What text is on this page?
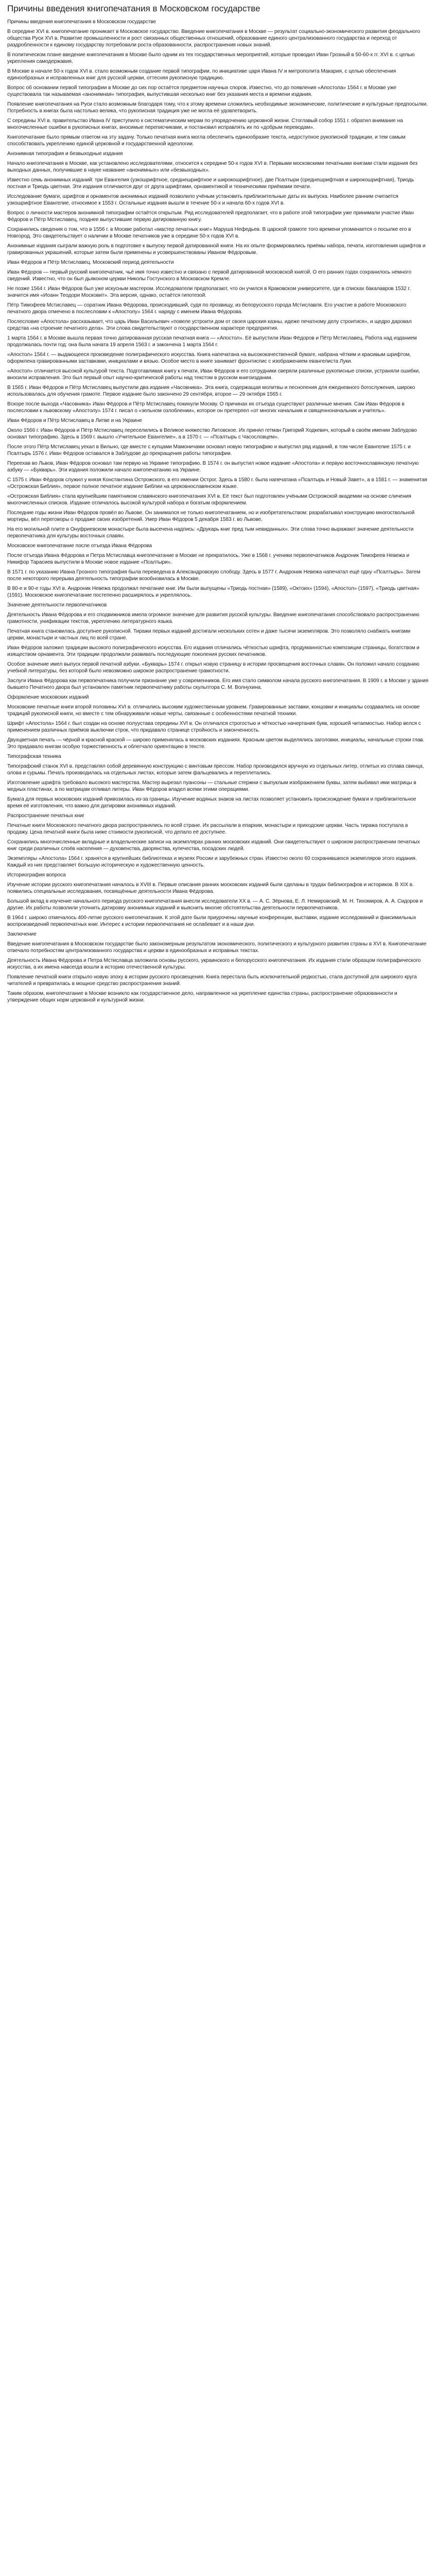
Причины введения книгопечатания в Московском государстве

Причины введения книгопечатания в Московском государстве

В середине XVI в. книгопечатание проникает в Московское государство. Введение книгопечатания в Москве — результат социально-экономического развития феодального общества Руси XVI в. Развитие промышленности и рост связанных общественных отношений, образование единого централизованного государства и переход от раздробленности к единому государству потребовали роста образованности, распространения новых знаний.

В политическом плане введение книгопечатания в Москве было одним из тех государственных мероприятий, которые проводил Иван Грозный в 50-60-х гг. XVI в. с целью укрепления самодержавия.

В Москве в начале 50-х годов XVI в. стало возможным создание первой типографии, по инициативе царя Ивана IV и митрополита Макария, с целью обеспечения единообразных и исправленных книг для русской церкви, оттесняя рукописную традицию.

Вопрос об основании первой типографии в Москве до сих пор остаётся предметом научных споров. Известно, что до появления «Апостола» 1564 г. в Москве уже существовала так называемая «анонимная» типография, выпустившая несколько книг без указания места и времени издания.

Появление книгопечатания на Руси стало возможным благодаря тому, что к этому времени сложились необходимые экономические, политические и культурные предпосылки. Потребность в книгах была настолько велика, что рукописная традиция уже не могла её удовлетворить.

С середины XVI в. правительство Ивана IV приступило к систематическим мерам по упорядочению церковной жизни. Стоглавый собор 1551 г. обратил внимание на многочисленные ошибки в рукописных книгах, вносимые переписчиками, и постановил исправлять их по «добрым переводам».

Книгопечатание было прямым ответом на эту задачу. Только печатная книга могла обеспечить единообразие текста, недоступное рукописной традиции, и тем самым способствовать укреплению единой церковной и государственной идеологии.

Анонимная типография и безвыходные издания

Начало книгопечатания в Москве, как установлено исследователями, относится к середине 50-х годов XVI в. Первыми московскими печатными книгами стали издания без выходных данных, получившие в науке название «анонимных» или «безвыходных».

Известно семь анонимных изданий: три Евангелия (узкошрифтное, среднешрифтное и широкошрифтное), две Псалтыри (среднешрифтная и широкошрифтная), Триодь постная и Триодь цветная. Эти издания отличаются друг от друга шрифтами, орнаментикой и техническими приёмами печати.

Исследование бумаги, шрифтов и орнаментов анонимных изданий позволило учёным установить приблизительные даты их выпуска. Наиболее ранним считается узкошрифтное Евангелие, относимое к 1553 г. Остальные издания вышли в течение 50-х и начала 60-х годов XVI в.

Вопрос о личности мастеров анонимной типографии остаётся открытым. Ряд исследователей предполагает, что в работе этой типографии уже принимали участие Иван Фёдоров и Пётр Мстиславец, позднее выпустившие первую датированную книгу.

Сохранились сведения о том, что в 1556 г. в Москве работал «мастер печатных книг» Маруша Нефедьев. В царской грамоте того времени упоминается о посылке его в Новгород. Это свидетельствует о наличии в Москве печатников уже в середине 50-х годов XVI в.

Анонимные издания сыграли важную роль в подготовке к выпуску первой датированной книги. На их опыте формировались приёмы набора, печати, изготовления шрифтов и гравированных украшений, которые затем были применены и усовершенствованы Иваном Фёдоровым.

Иван Фёдоров и Пётр Мстиславец. Московский период деятельности

Иван Фёдоров — первый русский книгопечатник, чьё имя точно известно и связано с первой датированной московской книгой. О его ранних годах сохранилось немного сведений. Известно, что он был дьяконом церкви Николы Гостунского в Московском Кремле.

Не позже 1564 г. Иван Фёдоров был уже искусным мастером. Исследователи предполагают, что он учился в Краковском университете, где в списках бакалавров 1532 г. значится имя «Иоанн Теодори Московит». Эта версия, однако, остаётся гипотезой.

Пётр Тимофеев Мстиславец — соратник Ивана Фёдорова, происходивший, судя по прозвищу, из белорусского города Мстиславля. Его участие в работе Московского печатного двора отмечено в послесловии к «Апостолу» 1564 г. наряду с именем Ивана Фёдорова.

Послесловие «Апостола» рассказывает, что царь Иван Васильевич «повеле устроити дом от своея царския казны, идеже печатному делу строитися», и щедро даровал средства «на строение печатного дела». Эти слова свидетельствуют о государственном характере предприятия.

1 марта 1564 г. в Москве вышла первая точно датированная русская печатная книга — «Апостол». Её выпустили Иван Фёдоров и Пётр Мстиславец. Работа над изданием продолжалась почти год: она была начата 19 апреля 1563 г. и закончена 1 марта 1564 г.

«Апостол» 1564 г. — выдающееся произведение полиграфического искусства. Книга напечатана на высококачественной бумаге, набрана чётким и красивым шрифтом, оформлена гравированными заставками, инициалами и вязью. Особое место в книге занимает фронтиспис с изображением евангелиста Луки.

«Апостол» отличается высокой культурой текста. Подготавливая книгу к печати, Иван Фёдоров и его сотрудники сверяли различные рукописные списки, устраняли ошибки, вносили исправления. Это был первый опыт научно-критической работы над текстом в русском книгоиздании.

В 1565 г. Иван Фёдоров и Пётр Мстиславец выпустили два издания «Часовника». Эта книга, содержащая молитвы и песнопения для ежедневного богослужения, широко использовалась для обучения грамоте. Первое издание было закончено 29 сентября, второе — 29 октября 1565 г.

Вскоре после выхода «Часовника» Иван Фёдоров и Пётр Мстиславец покинули Москву. О причинах их отъезда существуют различные мнения. Сам Иван Фёдоров в послесловии к львовскому «Апостолу» 1574 г. писал о «зельном озлоблении», которое он претерпел «от многих начальник и священноначальник и учитель».

Иван Фёдоров и Пётр Мстиславец в Литве и на Украине

Около 1566 г. Иван Фёдоров и Пётр Мстиславец переселились в Великое княжество Литовское. Их принял гетман Григорий Ходкевич, который в своём имении Заблудово основал типографию. Здесь в 1569 г. вышло «Учительное Евангелие», а в 1570 г. — «Псалтырь с Часословцем».

После этого Пётр Мстиславец уехал в Вильно, где вместе с купцами Мамоничами основал новую типографию и выпустил ряд изданий, в том числе Евангелие 1575 г. и Псалтырь 1576 г. Иван Фёдоров оставался в Заблудове до прекращения работы типографии.

Переехав во Львов, Иван Фёдоров основал там первую на Украине типографию. В 1574 г. он выпустил новое издание «Апостола» и первую восточнославянскую печатную азбуку — «Букварь». Эти издания положили начало книгопечатанию на Украине.

С 1575 г. Иван Фёдоров служил у князя Константина Острожского, в его имении Острог. Здесь в 1580 г. была напечатана «Псалтырь и Новый Завет», а в 1581 г. — знаменитая «Острожская Библия», первое полное печатное издание Библии на церковнославянском языке.

«Острожская Библия» стала крупнейшим памятником славянского книгопечатания XVI в. Её текст был подготовлен учёными Острожской академии на основе сличения многочисленных списков. Издание отличалось высокой культурой набора и богатым оформлением.

Последние годы жизни Иван Фёдоров провёл во Львове. Он занимался не только книгопечатанием, но и изобретательством: разрабатывал конструкцию многоствольной мортиры, вёл переговоры о продаже своих изобретений. Умер Иван Фёдоров 5 декабря 1583 г. во Львове.

На его могильной плите в Онуфриевском монастыре была высечена надпись: «Друкарь книг пред тым невиданных». Эти слова точно выражают значение деятельности первопечатника для культуры восточных славян.

Московское книгопечатание после отъезда Ивана Фёдорова

После отъезда Ивана Фёдорова и Петра Мстиславца книгопечатание в Москве не прекратилось. Уже в 1568 г. ученики первопечатников Андроник Тимофеев Невежа и Никифор Тарасиев выпустили в Москве новое издание «Псалтыри».

В 1571 г. по указанию Ивана Грозного типография была переведена в Александровскую слободу. Здесь в 1577 г. Андроник Невежа напечатал ещё одну «Псалтырь». Затем после некоторого перерыва деятельность типографии возобновилась в Москве.

В 80-е и 90-е годы XVI в. Андроник Невежа продолжал печатание книг. Им были выпущены «Триодь постная» (1589), «Октоих» (1594), «Апостол» (1597), «Триодь цветная» (1591). Московское книгопечатание постепенно расширялось и укреплялось.

Значение деятельности первопечатников

Деятельность Ивана Фёдорова и его сподвижников имела огромное значение для развития русской культуры. Введение книгопечатания способствовало распространению грамотности, унификации текстов, укреплению литературного языка.

Печатная книга становилась доступнее рукописной. Тиражи первых изданий достигали нескольких сотен и даже тысячи экземпляров. Это позволяло снабжать книгами церкви, монастыри и частных лиц по всей стране.

Иван Фёдоров заложил традиции высокого полиграфического искусства. Его издания отличались чёткостью шрифта, продуманностью композиции страницы, богатством и изяществом орнамента. Эти традиции продолжали развивать последующие поколения русских печатников.

Особое значение имел выпуск первой печатной азбуки. «Букварь» 1574 г. открыл новую страницу в истории просвещения восточных славян. Он положил начало созданию учебной литературы, без которой было невозможно широкое распространение грамотности.

Заслуги Ивана Фёдорова как первопечатника получили признание уже у современников. Его имя стало символом начала русского книгопечатания. В 1909 г. в Москве у здания бывшего Печатного двора был установлен памятник первопечатнику работы скульптора С. М. Волнухина.

Оформление московских изданий

Московские печатные книги второй половины XVI в. отличались высоким художественным уровнем. Гравированные заставки, концовки и инициалы создавались на основе традиций рукописной книги, но вместе с тем обнаруживали новые черты, связанные с особенностями печатной техники.

Шрифт «Апостола» 1564 г. был создан на основе полуустава середины XVI в. Он отличался строгостью и чёткостью начертания букв, хорошей читаемостью. Набор велся с применением различных приёмов выключки строк, что придавало странице стройность и законченность.

Двухцветная печать — чёрной и красной краской — широко применялась в московских изданиях. Красным цветом выделялись заголовки, инициалы, начальные строки глав. Это придавало книгам особую торжественность и облегчало ориентацию в тексте.

Типографская техника

Типографский станок XVI в. представлял собой деревянную конструкцию с винтовым прессом. Набор производился вручную из отдельных литер, отлитых из сплава свинца, олова и сурьмы. Печать производилась на отдельных листах, которые затем фальцевались и переплетались.

Изготовление шрифта требовало высокого мастерства. Мастер вырезал пуансоны — стальные стержни с выпуклым изображением буквы, затем выбивал ими матрицы в медных пластинах, а по матрицам отливал литеры. Иван Фёдоров владел всеми этими операциями.

Бумага для первых московских изданий привозилась из-за границы. Изучение водяных знаков на листах позволяет установить происхождение бумаги и приблизительное время её изготовления, что важно для датировки анонимных изданий.

Распространение печатных книг

Печатные книги Московского печатного двора распространялись по всей стране. Их рассылали в епархии, монастыри и приходские церкви. Часть тиража поступала в продажу. Цена печатной книги была ниже стоимости рукописной, что делало её доступнее.

Сохранились многочисленные вкладные и владельческие записи на экземплярах ранних московских изданий. Они свидетельствуют о широком распространении печатных книг среди различных слоёв населения — духовенства, дворянства, купечества, посадских людей.

Экземпляры «Апостола» 1564 г. хранятся в крупнейших библиотеках и музеях России и зарубежных стран. Известно около 60 сохранившихся экземпляров этого издания. Каждый из них представляет большую историческую и художественную ценность.

Историография вопроса

Изучение истории русского книгопечатания началось в XVIII в. Первые описания ранних московских изданий были сделаны в трудах библиографов и историков. В XIX в. появились специальные исследования, посвящённые деятельности Ивана Фёдорова.

Большой вклад в изучение начального периода русского книгопечатания внесли исследователи XX в. — А. С. Зёрнова, Е. Л. Немировский, М. Н. Тихомиров, А. А. Сидоров и другие. Их работы позволили уточнить датировку анонимных изданий и выяснить многие обстоятельства деятельности первопечатников.

В 1964 г. широко отмечалось 400-летие русского книгопечатания. К этой дате были приурочены научные конференции, выставки, издание исследований и факсимильных воспроизведений первопечатных книг. Интерес к истории первопечатания не ослабевает и в наши дни.

Заключение

Введение книгопечатания в Московском государстве было закономерным результатом экономического, политического и культурного развития страны в XVI в. Книгопечатание отвечало потребностям централизованного государства и церкви в единообразных и исправных текстах.

Деятельность Ивана Фёдорова и Петра Мстиславца заложила основы русского, украинского и белорусского книгопечатания. Их издания стали образцом полиграфического искусства, а их имена навсегда вошли в историю отечественной культуры.

Появление печатной книги открыло новую эпоху в истории русского просвещения. Книга перестала быть исключительной редкостью, стала доступной для широкого круга читателей и превратилась в мощное средство распространения знаний.

Таким образом, книгопечатание в Москве возникло как государственное дело, направленное на укрепление единства страны, распространение образованности и утверждение общих норм церковной и культурной жизни.
